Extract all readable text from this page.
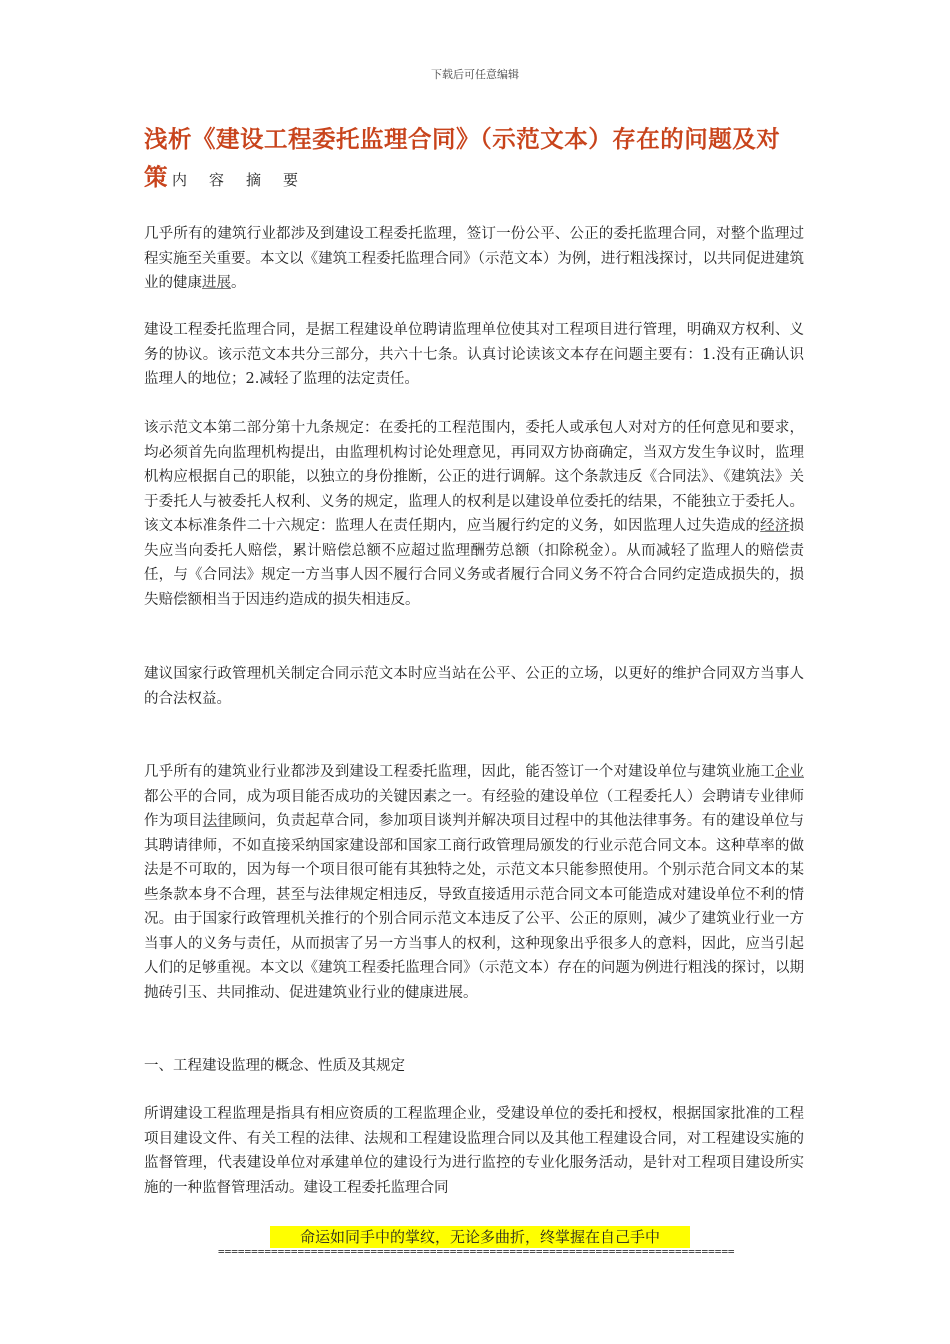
下载后可任意编辑
浅析《建设工程委托监理合同》（示范文本）存在的问题及对策 内容摘要

几乎所有的建筑行业都涉及到建设工程委托监理，签订一份公平、公正的委托监理合同，对整个监理过程实施至关重要。本文以《建筑工程委托监理合同》（示范文本）为例，进行粗浅探讨，以共同促进建筑业的健康进展。

建设工程委托监理合同，是据工程建设单位聘请监理单位使其对工程项目进行管理，明确双方权利、义务的协议。该示范文本共分三部分，共六十七条。认真讨论读该文本存在问题主要有：1.没有正确认识监理人的地位；2.减轻了监理的法定责任。

该示范文本第二部分第十九条规定：在委托的工程范围内，委托人或承包人对对方的任何意见和要求，均必须首先向监理机构提出，由监理机构讨论处理意见，再同双方协商确定，当双方发生争议时，监理机构应根据自己的职能，以独立的身份推断，公正的进行调解。这个条款违反《合同法》、《建筑法》关于委托人与被委托人权利、义务的规定，监理人的权利是以建设单位委托的结果，不能独立于委托人。该文本标准条件二十六规定：监理人在责任期内，应当履行约定的义务，如因监理人过失造成的经济损失应当向委托人赔偿，累计赔偿总额不应超过监理酬劳总额（扣除税金）。从而减轻了监理人的赔偿责任，与《合同法》规定一方当事人因不履行合同义务或者履行合同义务不符合合同约定造成损失的，损失赔偿额相当于因违约造成的损失相违反。

建议国家行政管理机关制定合同示范文本时应当站在公平、公正的立场，以更好的维护合同双方当事人的合法权益。

几乎所有的建筑业行业都涉及到建设工程委托监理，因此，能否签订一个对建设单位与建筑业施工企业都公平的合同，成为项目能否成功的关键因素之一。有经验的建设单位（工程委托人）会聘请专业律师作为项目法律顾问，负责起草合同，参加项目谈判并解决项目过程中的其他法律事务。有的建设单位与其聘请律师，不如直接采纳国家建设部和国家工商行政管理局颁发的行业示范合同文本。这种草率的做法是不可取的，因为每一个项目很可能有其独特之处，示范文本只能参照使用。个别示范合同文本的某些条款本身不合理，甚至与法律规定相违反，导致直接适用示范合同文本可能造成对建设单位不利的情况。由于国家行政管理机关推行的个别合同示范文本违反了公平、公正的原则，减少了建筑业行业一方当事人的义务与责任，从而损害了另一方当事人的权利，这种现象出乎很多人的意料，因此，应当引起人们的足够重视。本文以《建筑工程委托监理合同》（示范文本）存在的问题为例进行粗浅的探讨，以期抛砖引玉、共同推动、促进建筑业行业的健康进展。

一、工程建设监理的概念、性质及其规定

所谓建设工程监理是指具有相应资质的工程监理企业，受建设单位的委托和授权，根据国家批准的工程项目建设文件、有关工程的法律、法规和工程建设监理合同以及其他工程建设合同，对工程建设实施的监督管理，代表建设单位对承建单位的建设行为进行监控的专业化服务活动，是针对工程项目建设所实施的一种监督管理活动。建设工程委托监理合同

命运如同手中的掌纹，无论多曲折，终掌握在自己手中
==============================================================================
